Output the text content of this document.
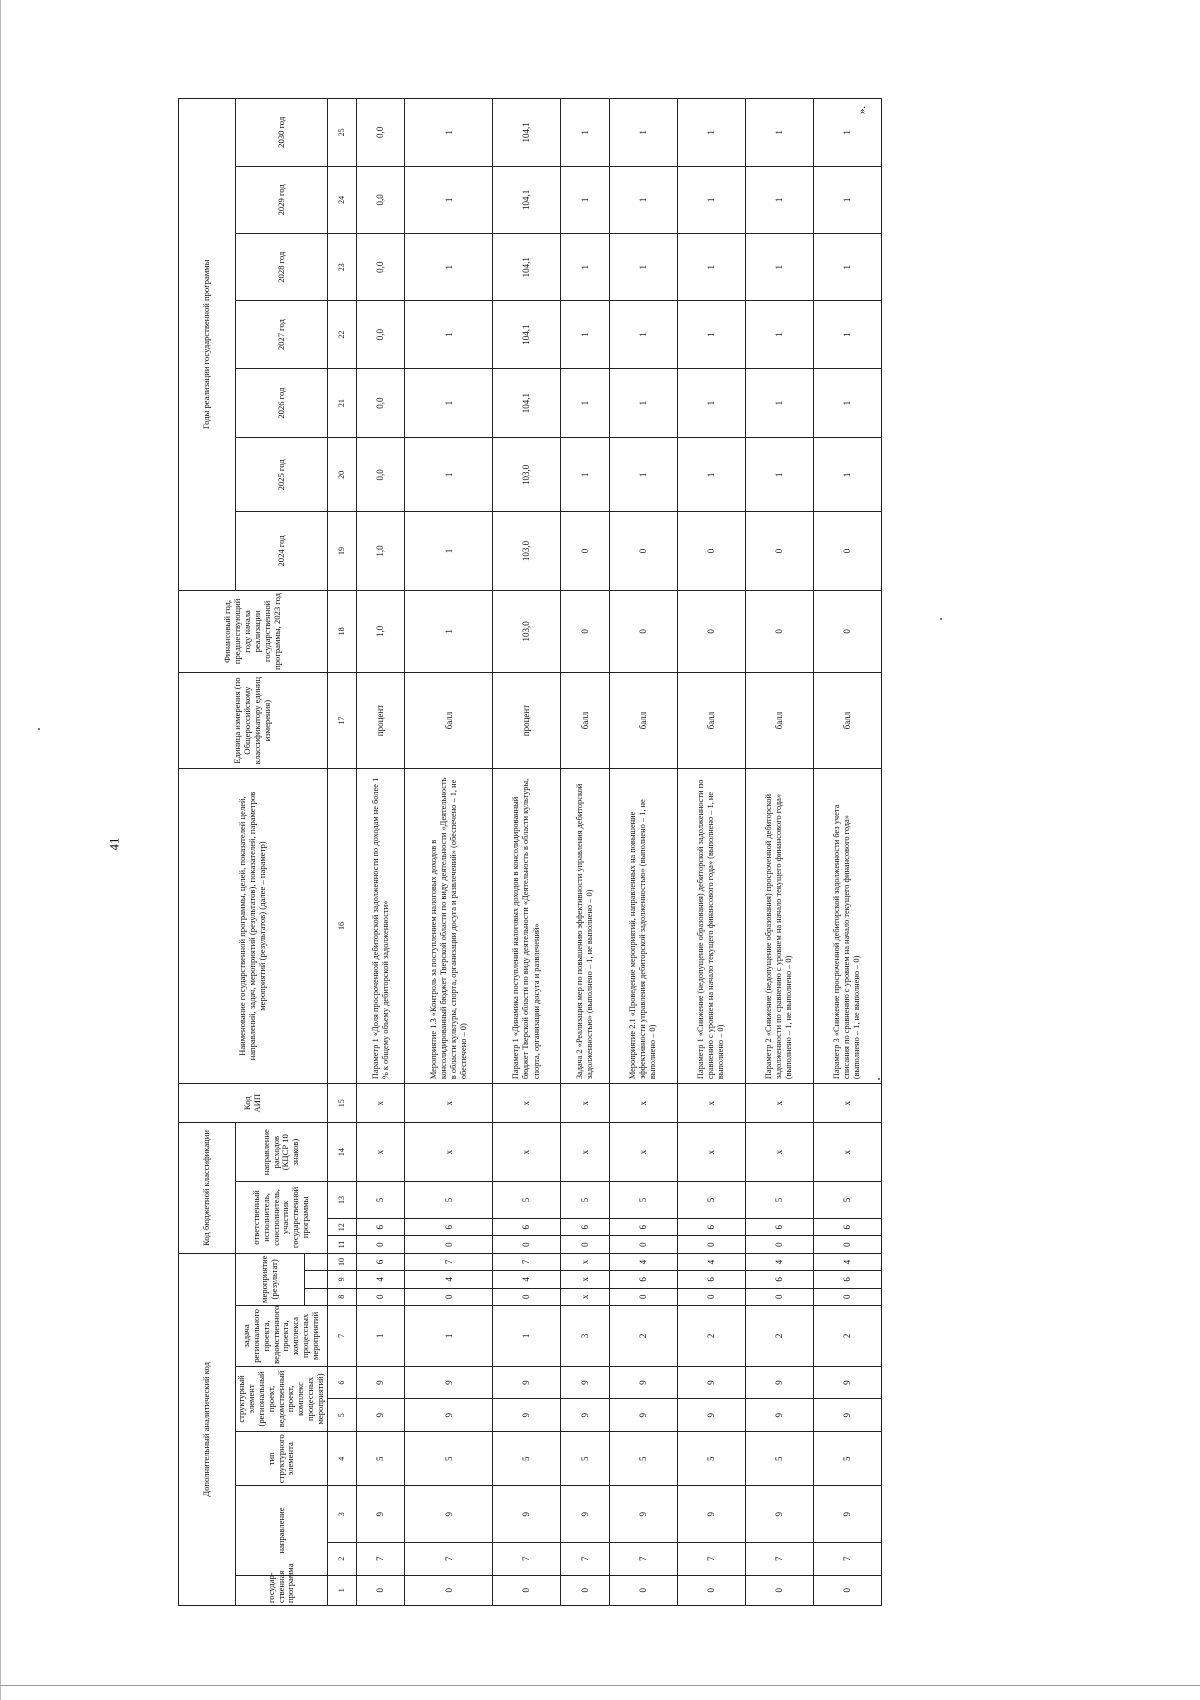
41
».
Дополнительный аналитический код										Код бюджетной классификации				Код АИП	Наименование государственной программы, целей, показателей целей, направлений, задач, мероприятий (результатов), показателей, параметров мероприятий (результатов) (далее – параметр)	Единица измерения (по Общероссийскому классификатору единиц измерения)	Финансовый год, предшествующий году начала реализации государственной программы, 2023 год	Годы реализации государственной программы						
государ-ственная программа	направление		тип структурного элемента	структурный элемент (региональный проект, ведомственный проект, комплекс процессных мероприятий)		задача регионального проекта, ведомственного проекта, комплекса процессных мероприятий	мероприятие (результат)			ответственный исполнитель, соисполнитель, участник государственной программы			направление расходов (КЦСР 10 знаков)					2024 год	2025 год	2026 год	2027 год	2028 год	2029 год	2030 год

1	2	3	4	5	6	7	8	9	10	11	12	13	14	15	16	17	18	19	20	21	22	23	24	25
0	7	9	5	9	9	1	0	4	6	0	6	5	x	x	Параметр 1 «Доля просроченной дебиторской задолженности по доходам не более 1 % к общему объему дебиторской задолженности»	процент	1,0	1,0	0,0	0,0	0,0	0,0	0,0	0,0
0	7	9	5	9	9	1	0	4	7	0	6	5	x	x	Мероприятие 1.3 «Контроль за поступлением налоговых доходов в консолидированный бюджет Тверской области по виду деятельности «Деятельность в области культуры, спорта, организации досуга и развлечений» (обеспечено – 1, не обеспечено – 0)	балл	1	1	1	1	1	1	1	1
0	7	9	5	9	9	1	0	4	7	0	6	5	x	x	Параметр 1 «Динамика поступлений налоговых доходов в консолидированный бюджет Тверской области по виду деятельности «Деятельность в области культуры, спорта, организации досуга и развлечений»	процент	103,0	103,0	103,0	104,1	104,1	104,1	104,1	104,1
0	7	9	5	9	9	3	x	x	x	0	6	5	x	x	Задача 2 «Реализация мер по повышению эффективности управления дебиторской задолженностью» (выполнено – 1, не выполнено – 0)	балл	0	0	1	1	1	1	1	1
0	7	9	5	9	9	2	0	6	4	0	6	5	x	x	Мероприятие 2.1 «Проведение мероприятий, направленных на повышение эффективности управления дебиторской задолженностью» (выполнено – 1, не выполнено – 0)	балл	0	0	1	1	1	1	1	1
0	7	9	5	9	9	2	0	6	4	0	6	5	x	x	Параметр 1 «Снижение (недопущение образования) дебиторской задолженности по сравнению с уровнем на начало текущего финансового года» (выполнено – 1, не выполнено – 0)	балл	0	0	1	1	1	1	1	1
0	7	9	5	9	9	2	0	6	4	0	6	5	x	x	Параметр 2 «Снижение (недопущение образования) просроченной дебиторской задолженности по сравнению с уровнем на начало текущего финансового года» (выполнено – 1, не выполнено – 0)	балл	0	0	1	1	1	1	1	1
0	7	9	5	9	9	2	0	6	4	0	6	5	x	x	Параметр 3 «Снижение просроченной дебиторской задолженности без учета списания по сравнению с уровнем на начало текущего финансового года» (выполнено – 1, не выполнено – 0)	балл	0	0	1	1	1	1	1	1
